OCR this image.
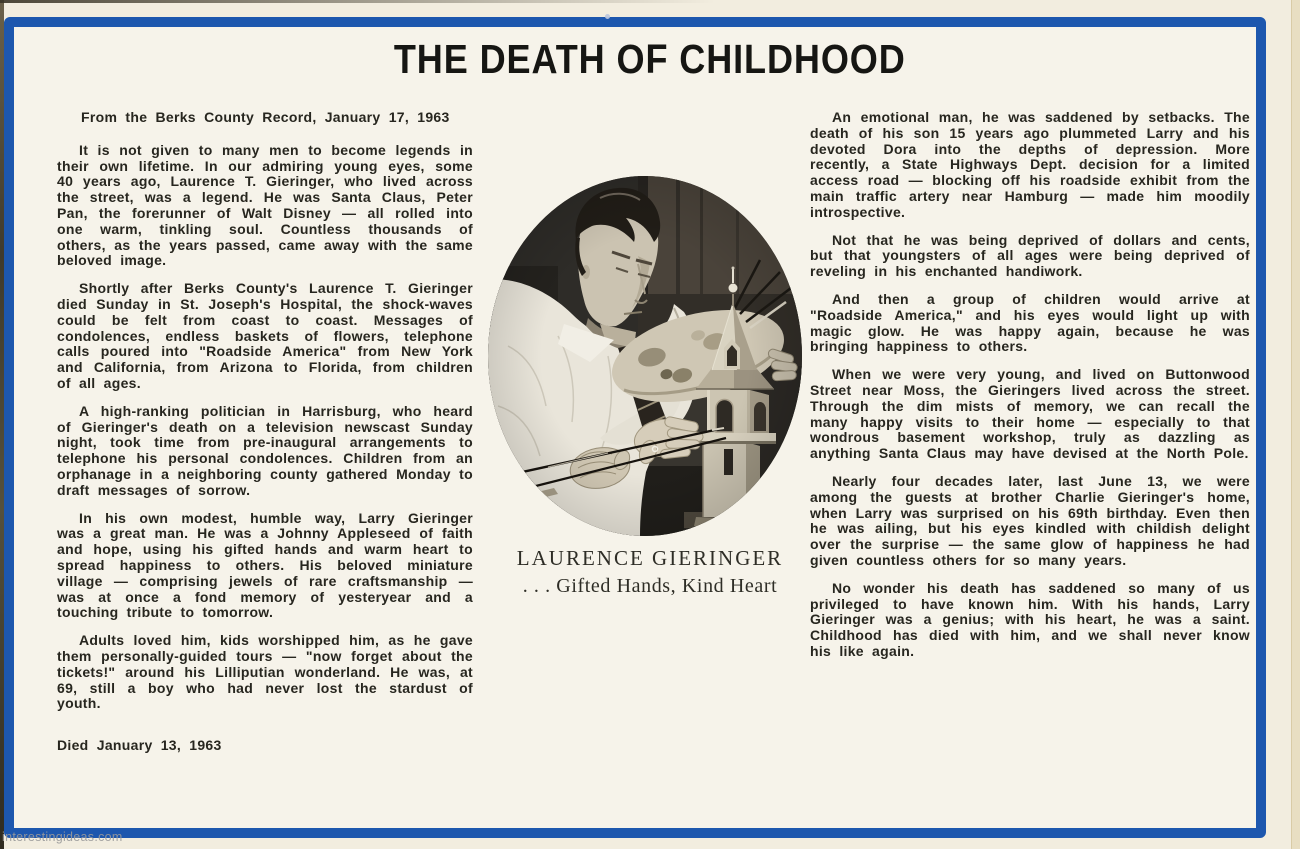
THE DEATH OF CHILDHOOD

From the Berks County Record, January 17, 1963

It is not given to many men to become legends in their own lifetime. In our admiring young eyes, some 40 years ago, Laurence T. Gieringer, who lived across the street, was a legend. He was Santa Claus, Peter Pan, the forerunner of Walt Disney — all rolled into one warm, tinkling soul. Countless thousands of others, as the years passed, came away with the same beloved image.

Shortly after Berks County's Laurence T. Gieringer died Sunday in St. Joseph's Hospital, the shock-waves could be felt from coast to coast. Messages of condolences, endless baskets of flowers, telephone calls poured into "Roadside America" from New York and California, from Arizona to Florida, from children of all ages.

A high-ranking politician in Harrisburg, who heard of Gieringer's death on a television newscast Sunday night, took time from pre-inaugural arrangements to telephone his personal condolences. Children from an orphanage in a neighboring county gathered Monday to draft messages of sorrow.

In his own modest, humble way, Larry Gieringer was a great man. He was a Johnny Appleseed of faith and hope, using his gifted hands and warm heart to spread happiness to others. His beloved miniature village — comprising jewels of rare craftsmanship — was at once a fond memory of yesteryear and a touching tribute to tomorrow.

Adults loved him, kids worshipped him, as he gave them personally-guided tours — "now forget about the tickets!" around his Lilliputian wonderland. He was, at 69, still a boy who had never lost the stardust of youth.

Died January 13, 1963

LAURENCE GIERINGER
. . . Gifted Hands, Kind Heart

An emotional man, he was saddened by setbacks. The death of his son 15 years ago plummeted Larry and his devoted Dora into the depths of depression. More recently, a State Highways Dept. decision for a limited access road — blocking off his roadside exhibit from the main traffic artery near Hamburg — made him moodily introspective.

Not that he was being deprived of dollars and cents, but that youngsters of all ages were being deprived of reveling in his enchanted handiwork.

And then a group of children would arrive at "Roadside America," and his eyes would light up with magic glow. He was happy again, because he was bringing happiness to others.

When we were very young, and lived on Buttonwood Street near Moss, the Gieringers lived across the street. Through the dim mists of memory, we can recall the many happy visits to their home — especially to that wondrous basement workshop, truly as dazzling as anything Santa Claus may have devised at the North Pole.

Nearly four decades later, last June 13, we were among the guests at brother Charlie Gieringer's home, when Larry was surprised on his 69th birthday. Even then he was ailing, but his eyes kindled with childish delight over the surprise — the same glow of happiness he had given countless others for so many years.

No wonder his death has saddened so many of us privileged to have known him. With his hands, Larry Gieringer was a genius; with his heart, he was a saint. Childhood has died with him, and we shall never know his like again.

interestingideas.com
